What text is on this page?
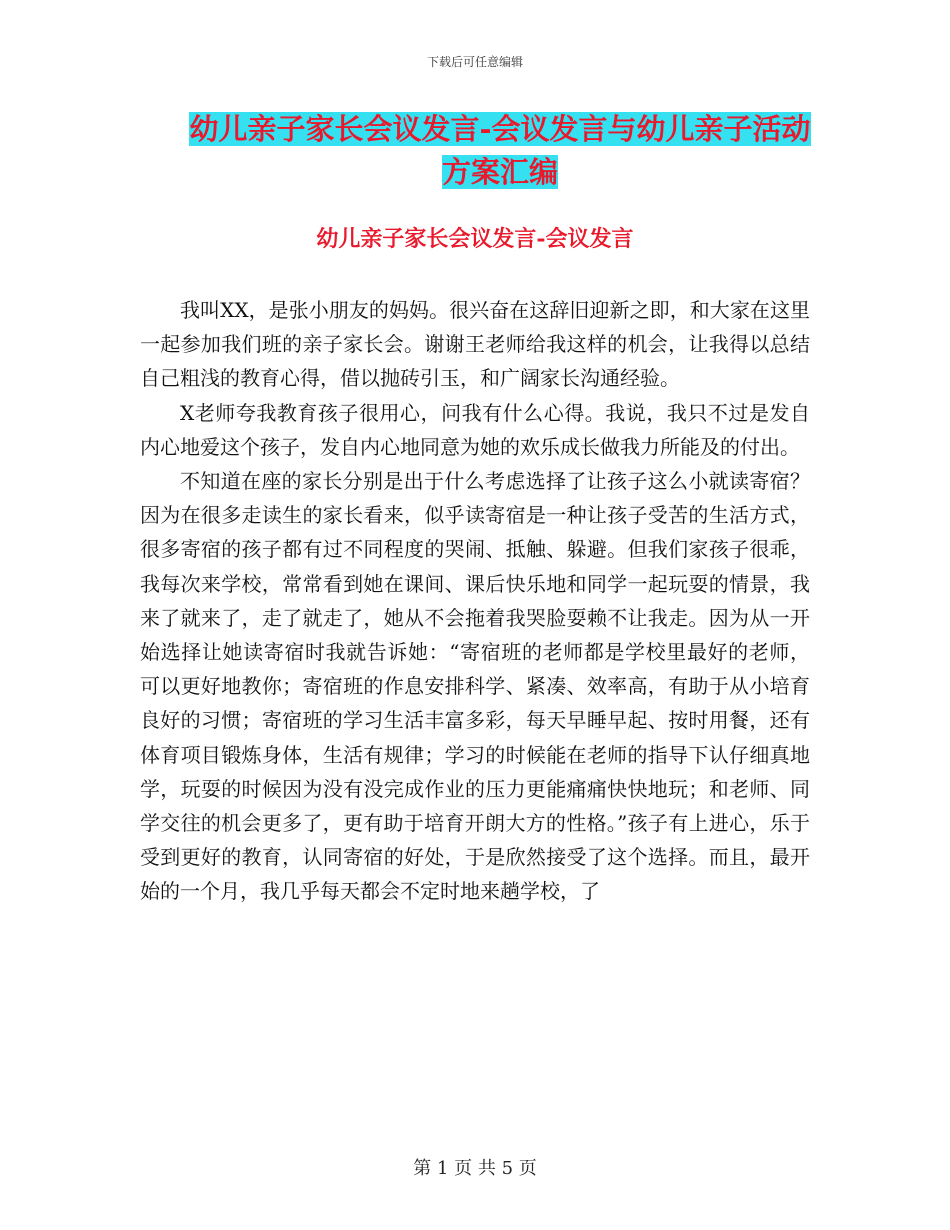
下载后可任意编辑
幼儿亲子家长会议发言-会议发言与幼儿亲子活动方案汇编
幼儿亲子家长会议发言-会议发言

我叫XX，是张小朋友的妈妈。很兴奋在这辞旧迎新之即，和大家在这里一起参加我们班的亲子家长会。谢谢王老师给我这样的机会，让我得以总结自己粗浅的教育心得，借以抛砖引玉，和广阔家长沟通经验。

X老师夸我教育孩子很用心，问我有什么心得。我说，我只不过是发自内心地爱这个孩子，发自内心地同意为她的欢乐成长做我力所能及的付出。

不知道在座的家长分别是出于什么考虑选择了让孩子这么小就读寄宿？因为在很多走读生的家长看来，似乎读寄宿是一种让孩子受苦的生活方式，很多寄宿的孩子都有过不同程度的哭闹、抵触、躲避。但我们家孩子很乖，我每次来学校，常常看到她在课间、课后快乐地和同学一起玩耍的情景，我来了就来了，走了就走了，她从不会拖着我哭脸耍赖不让我走。因为从一开始选择让她读寄宿时我就告诉她：“寄宿班的老师都是学校里最好的老师，可以更好地教你；寄宿班的作息安排科学、紧凑、效率高，有助于从小培育良好的习惯；寄宿班的学习生活丰富多彩，每天早睡早起、按时用餐，还有体育项目锻炼身体，生活有规律；学习的时候能在老师的指导下认仔细真地学，玩耍的时候因为没有没完成作业的压力更能痛痛快快地玩；和老师、同学交往的机会更多了，更有助于培育开朗大方的性格。”孩子有上进心，乐于受到更好的教育，认同寄宿的好处，于是欣然接受了这个选择。而且，最开始的一个月，我几乎每天都会不定时地来趟学校，了

第 1 页 共 5 页
